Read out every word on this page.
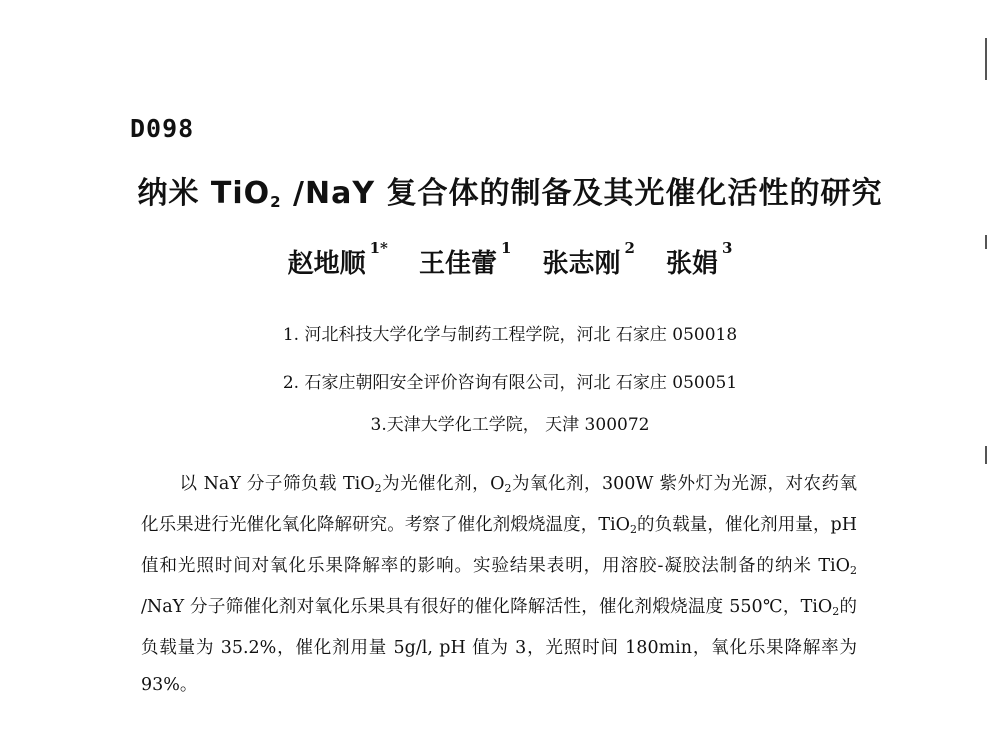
D098
纳米 TiO$_2$ /NaY 复合体的制备及其光催化活性的研究
赵地顺$^{1*}$ 王佳蕾$^1$ 张志刚$^2$ 张娟$^3$
1. 河北科技大学化学与制药工程学院，河北 石家庄 050018
2. 石家庄朝阳安全评价咨询有限公司，河北 石家庄 050051
3.天津大学化工学院， 天津 300072
以 NaY 分子筛负载 TiO$_2$为光催化剂，$O_2$为氧化剂，300W 紫外灯为光源，对农药氧化乐果进行光催化氧化降解研究。考察了催化剂煅烧温度，TiO$_2$的负载量，催化剂用量，pH 值和光照时间对氧化乐果降解率的影响。实验结果表明，用溶胶-凝胶法制备的纳米 TiO$_2$ /NaY 分子筛催化剂对氧化乐果具有很好的催化降解活性，催化剂煅烧温度 550℃，TiO$_2$的负载量为 35.2%，催化剂用量 5g/l, pH 值为 3，光照时间 180min，氧化乐果降解率为 93%。
